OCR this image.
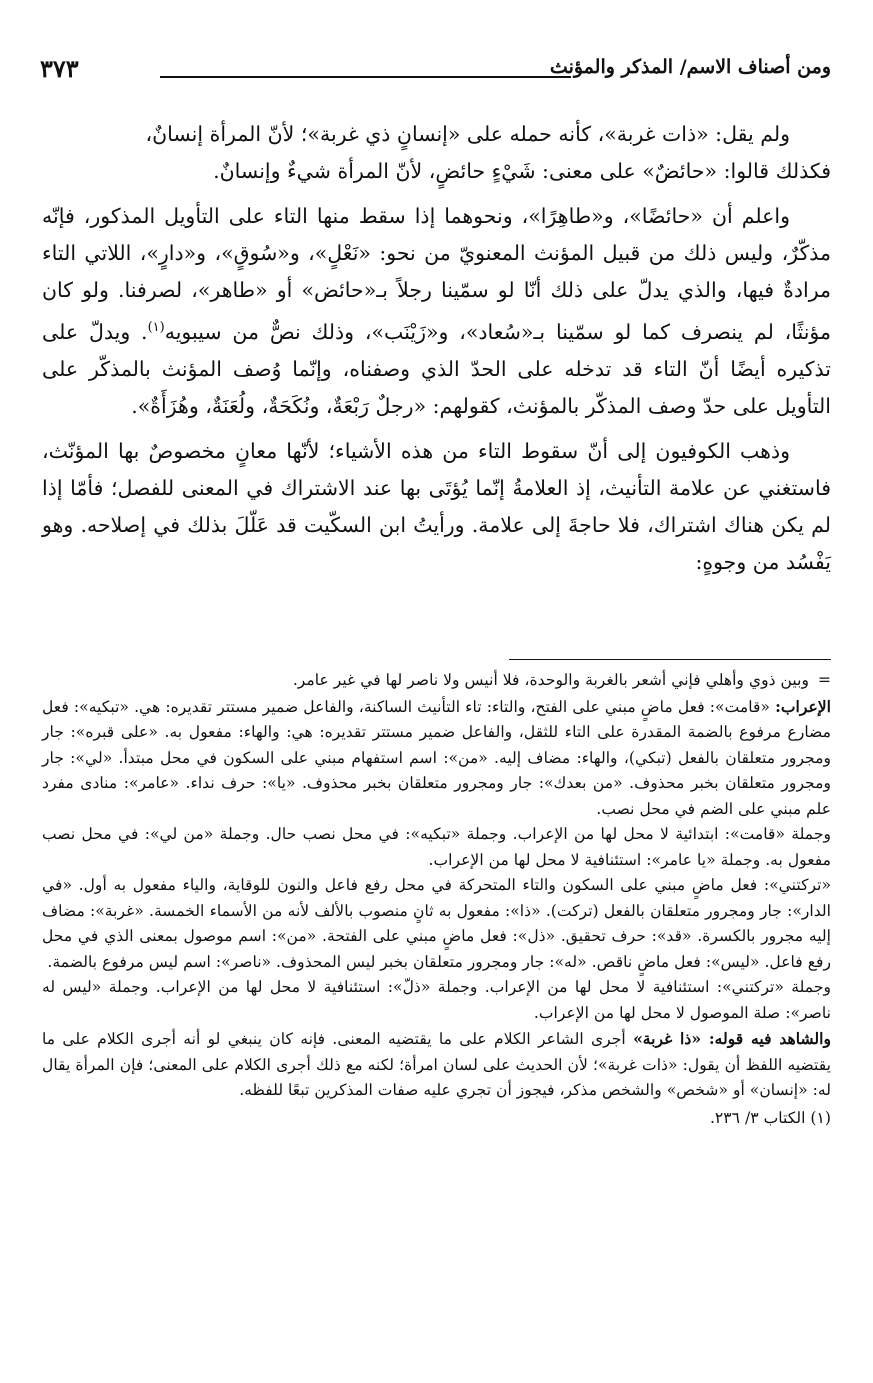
ومن أصناف الاسم/ المذكر والمؤنث
٣٧٣

  ولم يقل: «ذات غربة»، كأنه حمله على «إنسانٍ ذي غربة»؛ لأنّ المرأة إنسانٌ،

فكذلك قالوا: «حائضٌ» على معنى: شَيْءٍ حائضٍ، لأنّ المرأة شيءٌ وإنسانٌ.

  واعلم أن «حائضًا»، و«طاهِرًا»، ونحوهما إذا سقط منها التاء على التأويل المذكور، فإنّه مذكّرٌ، وليس ذلك من قبيل المؤنث المعنويّ من نحو: «نَعْلٍ»، و«سُوقٍ»، و«دارٍ»، اللاتي التاء مرادةٌ فيها، والذي يدلّ على ذلك أنّا لو سمّينا رجلاً بـ«حائض» أو «طاهر»، لصرفنا. ولو كان مؤنثًا، لم ينصرف كما لو سمّينا بـ«سُعاد»، و«زَيْنَب»، وذلك نصٌّ من سيبويه$^{(١)}$. ويدلّ على تذكيره أيضًا أنّ التاء قد تدخله على الحدّ الذي وصفناه، وإنّما وُصف المؤنث بالمذكّر على التأويل على حدّ وصف المذكّر بالمؤنث، كقولهم: «رجلٌ رَبْعَةٌ، ونُكَحَةٌ، ولُعَنَةٌ، وهُزَأَةٌ».

  وذهب الكوفيون إلى أنّ سقوط التاء من هذه الأشياء؛ لأنّها معانٍ مخصوصٌ بها المؤنّث، فاستغني عن علامة التأنيث، إذ العلامةُ إنّما يُؤتَى بها عند الاشتراك في المعنى للفصل؛ فأمّا إذا لم يكن هناك اشتراك، فلا حاجةَ إلى علامة. ورأيتُ ابن السكّيت قد عَلّلَ بذلك في إصلاحه. وهو يَفْسُد من وجوهٍ:

=
وبين ذوي وأهلي فإني أشعر بالغربة والوحدة، فلا أنيس ولا ناصر لها في غير عامر.

الإعراب: «قامت»: فعل ماضٍ مبني على الفتح، والتاء: تاء التأنيث الساكنة، والفاعل ضمير مستتر تقديره: هي. «تبكيه»: فعل مضارع مرفوع بالضمة المقدرة على التاء للثقل، والفاعل ضمير مستتر تقديره: هي: والهاء: مفعول به. «على قبره»: جار ومجرور متعلقان بالفعل (تبكي)، والهاء: مضاف إليه. «من»: اسم استفهام مبني على السكون في محل مبتدأ. «لي»: جار ومجرور متعلقان بخبر محذوف. «من بعدك»: جار ومجرور متعلقان بخبر محذوف. «يا»: حرف نداء. «عامر»: منادى مفرد علم مبني على الضم في محل نصب.

وجملة «قامت»: ابتدائية لا محل لها من الإعراب. وجملة «تبكيه»: في محل نصب حال. وجملة «من لي»: في محل نصب مفعول به. وجملة «يا عامر»: استئنافية لا محل لها من الإعراب.

«تركتني»: فعل ماضٍ مبني على السكون والتاء المتحركة في محل رفع فاعل والنون للوقاية، والياء مفعول به أول. «في الدار»: جار ومجرور متعلقان بالفعل (تركت). «ذا»: مفعول به ثانٍ منصوب بالألف لأنه من الأسماء الخمسة. «غربة»: مضاف إليه مجرور بالكسرة. «قد»: حرف تحقيق. «ذل»: فعل ماضٍ مبني على الفتحة. «من»: اسم موصول بمعنى الذي في محل رفع فاعل. «ليس»: فعل ماضٍ ناقص. «له»: جار ومجرور متعلقان بخبر ليس المحذوف. «ناصر»: اسم ليس مرفوع بالضمة.

وجملة «تركتني»: استئنافية لا محل لها من الإعراب. وجملة «ذلّ»: استئنافية لا محل لها من الإعراب. وجملة «ليس له ناصر»: صلة الموصول لا محل لها من الإعراب.

والشاهد فيه قوله: «ذا غربة» أجرى الشاعر الكلام على ما يقتضيه المعنى. فإنه كان ينبغي لو أنه أجرى الكلام على ما يقتضيه اللفظ أن يقول: «ذات غربة»؛ لأن الحديث على لسان امرأة؛ لكنه مع ذلك أجرى الكلام على المعنى؛ فإن المرأة يقال له: «إنسان» أو «شخص» والشخص مذكر، فيجوز أن تجري عليه صفات المذكرين تبعًا للفظه.

(١) الكتاب ٣/ ٢٣٦.
